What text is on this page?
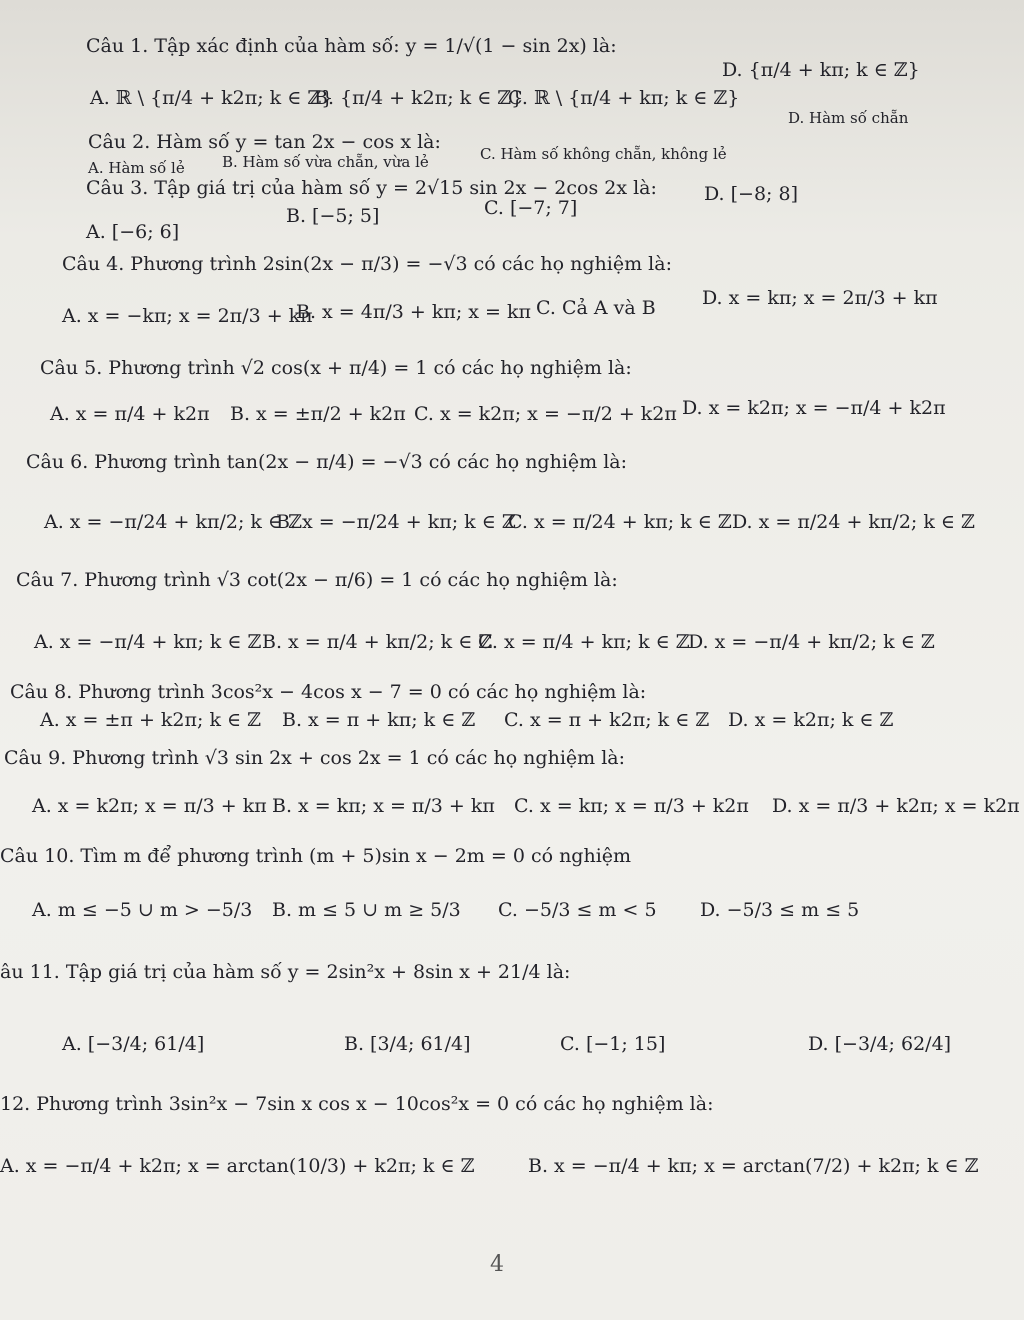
Câu 1. Tập xác định của hàm số: y = 1/√(1 − sin 2x) là:
A. ℝ \ {π/4 + k2π; k ∈ ℤ}
B. {π/4 + k2π; k ∈ ℤ}
C. ℝ \ {π/4 + kπ; k ∈ ℤ}
D. {π/4 + kπ; k ∈ ℤ}
Câu 2. Hàm số y = tan 2x − cos x là:
A. Hàm số lẻ B. Hàm số vừa chẵn, vừa lẻ	C. Hàm số không chẵn, không lẻ
D. Hàm số chẵn
Câu 3. Tập giá trị của hàm số y = 2√15 sin 2x − 2cos 2x là:
A. [−6; 6]
B. [−5; 5]	C. [−7; 7]
D. [−8; 8]
Câu 4. Phương trình 2sin(2x − π/3) = −√3 có các họ nghiệm là:
A. x = −kπ; x = 2π/3 + kπ
B. x = 4π/3 + kπ; x = kπ C. Cả A và B D. x = kπ; x = 2π/3 + kπ
Câu 5. Phương trình √2 cos(x + π/4) = 1 có các họ nghiệm là:
A. x = π/4 + k2π B. x = ±π/2 + k2π C. x = k2π; x = −π/2 + k2π D. x = k2π; x = −π/4 + k2π
Câu 6. Phương trình tan(2x − π/4) = −√3 có các họ nghiệm là:
A. x = −π/24 + kπ/2; k ∈ ℤ
B. x = −π/24 + kπ; k ∈ ℤ
C. x = π/24 + kπ; k ∈ ℤ D. x = π/24 + kπ/2; k ∈ ℤ
Câu 7. Phương trình √3 cot(2x − π/6) = 1 có các họ nghiệm là:
A. x = −π/4 + kπ; k ∈ ℤ B. x = π/4 + kπ/2; k ∈ ℤ
C. x = π/4 + kπ; k ∈ ℤ
D. x = −π/4 + kπ/2; k ∈ ℤ
Câu 8. Phương trình 3cos²x − 4cos x − 7 = 0 có các họ nghiệm là:
A. x = ±π + k2π; k ∈ ℤ B. x = π + kπ; k ∈ ℤ C. x = π + k2π; k ∈ ℤ D. x = k2π; k ∈ ℤ
Câu 9. Phương trình √3 sin 2x + cos 2x = 1 có các họ nghiệm là:
A. x = k2π; x = π/3 + kπ B. x = kπ; x = π/3 + kπ C. x = kπ; x = π/3 + k2π D. x = π/3 + k2π; x = k2π
Câu 10. Tìm m để phương trình (m + 5)sin x − 2m = 0 có nghiệm
A. m ≤ −5 ∪ m > −5/3 B. m ≤ 5 ∪ m ≥ 5/3 C. −5/3 ≤ m < 5 D. −5/3 ≤ m ≤ 5
âu 11. Tập giá trị của hàm số y = 2sin²x + 8sin x + 21/4 là:
A. [−3/4; 61/4]	B. [3/4; 61/4]	C. [−1; 15]	D. [−3/4; 62/4]
12. Phương trình 3sin²x − 7sin x cos x − 10cos²x = 0 có các họ nghiệm là:
A. x = −π/4 + k2π; x = arctan(10/3) + k2π; k ∈ ℤ	B. x = −π/4 + kπ; x = arctan(7/2) + k2π; k ∈ ℤ
4
